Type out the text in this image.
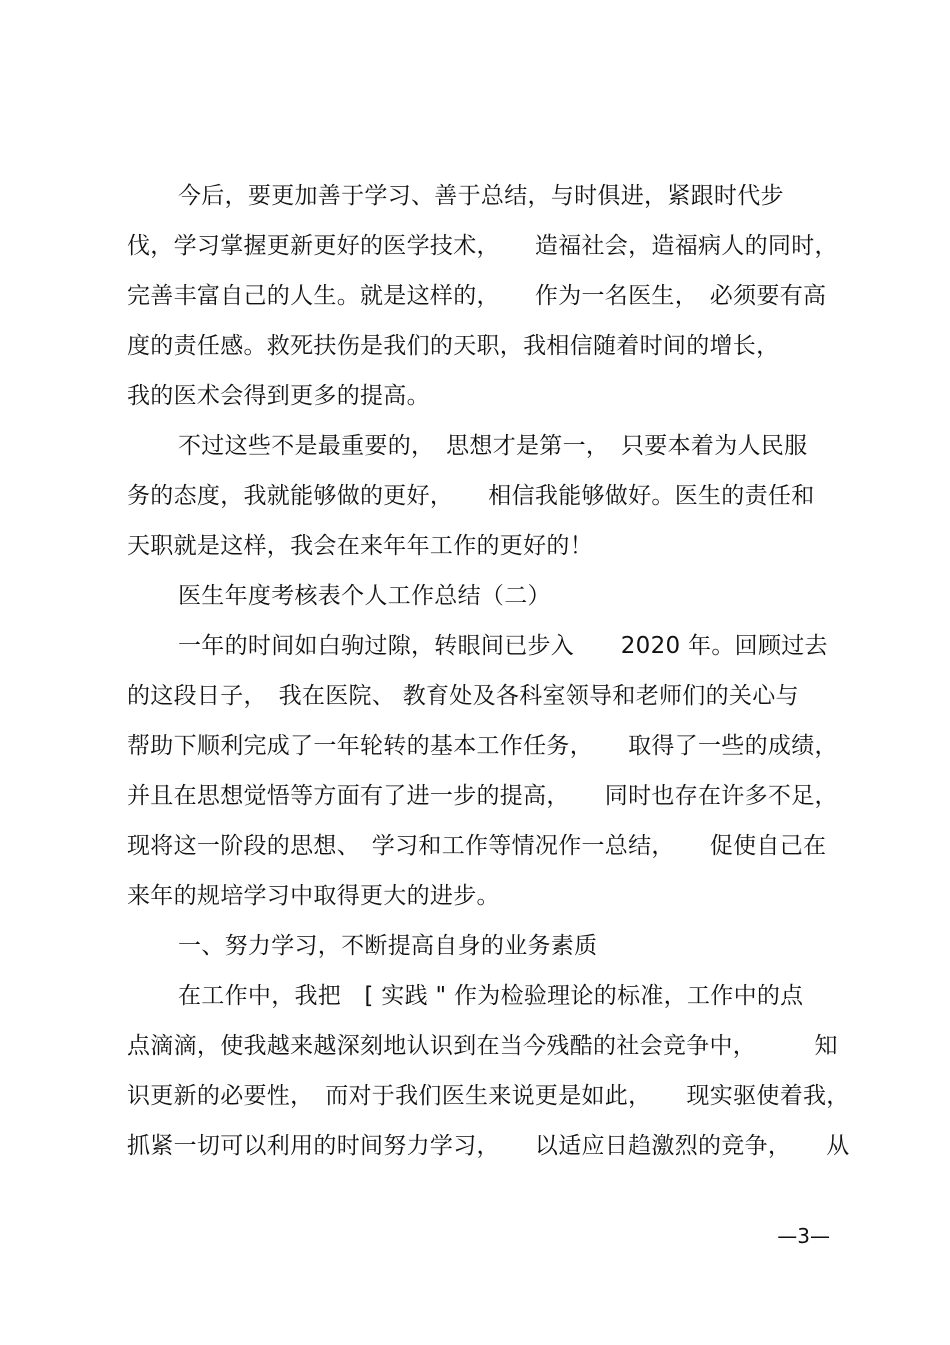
今后，要更加善于学习、善于总结，与时俱进，紧跟时代步
伐，学习掌握更新更好的医学技术，　　造福社会，造福病人的同时，
完善丰富自己的人生。就是这样的，　　作为一名医生，　必须要有高
度的责任感。救死扶伤是我们的天职，我相信随着时间的增长，
我的医术会得到更多的提高。
不过这些不是最重要的，　思想才是第一，　只要本着为人民服
务的态度，我就能够做的更好，　　相信我能够做好。医生的责任和
天职就是这样，我会在来年年工作的更好的！
医生年度考核表个人工作总结（二）
一年的时间如白驹过隙，转眼间已步入　　2020 年。回顾过去
的这段日子，　我在医院、 教育处及各科室领导和老师们的关心与
帮助下顺利完成了一年轮转的基本工作任务，　　取得了一些的成绩，
并且在思想觉悟等方面有了进一步的提高，　　同时也存在许多不足，
现将这一阶段的思想、　学习和工作等情况作一总结，　　促使自己在
来年的规培学习中取得更大的进步。
一、努力学习，不断提高自身的业务素质
在工作中，我把　[ 实践 " 作为检验理论的标准，工作中的点
点滴滴，使我越来越深刻地认识到在当今残酷的社会竞争中，　　　知
识更新的必要性，　而对于我们医生来说更是如此，　　现实驱使着我，
抓紧一切可以利用的时间努力学习，　　以适应日趋激烈的竞争，　　从
—3—
